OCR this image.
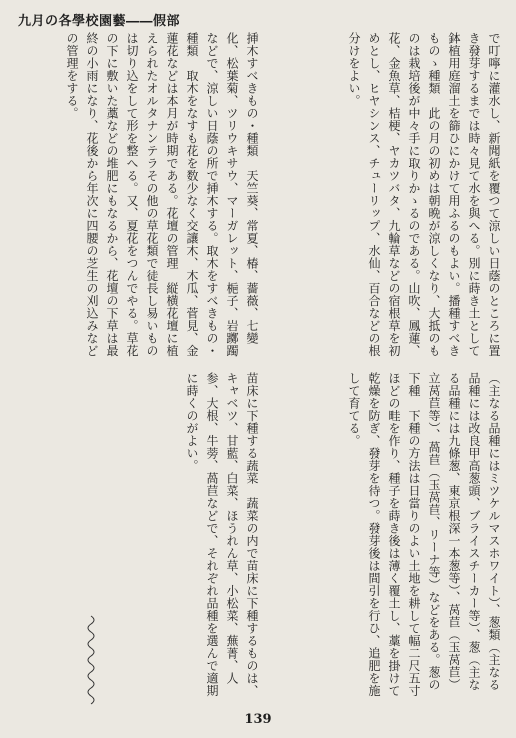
九月の各學校園藝――假部

で叮嚀に灌水し、新聞紙を覆つて涼しい日蔭のところに置き發芽するまでは時々見て水を與へる。別に蒔き土として鉢植用庭溜土を篩ひにかけて用ふるのもよい。播種すべきものゝ種類　此の月の初めは朝晩が涼しくなり、大抵のものは栽培後が中々手に取りかゝるのである。山吹、鳳蓮、花、金魚草、桔梗、ヤカツバタ、九輪草などの宿根草を初めとし、ヒヤシンス、チューリップ、水仙、百合などの根分けをよい。

挿木すべきもの・種類　天竺葵、常夏、椿、薔薇、七變化、松葉菊、ツリウキサウ、マーガレット、梔子、岩躑躅などで、涼しい日蔭の所で挿木する。取木をすべきもの・種類　取木をなすも花を数少なく交讓木、木瓜、菅見、金蓮花などは本月が時期である。花壇の管理　縦横花壇に植えられたオルタナンテラその他の草花類で徒長し易いものは切り込をして形を整へる。又、夏花をつんでやる。草花の下に敷いた藁などの堆肥にもなるから、花壇の下草は最終の小雨になり、花後から年次に四腰の芝生の刈込みなどの管理をする。

（主なる品種にはミツケルマスホワイト）、葱類（主なる品種には改良甲高葱頭、ブライスチーカー等）、葱（主なる品種には九條葱、東京根深一本葱等）、莴苣（玉莴苣）立莴苣等）、萵苣（玉莴苣、リーナ等）などをある。葱の下種　下種の方法は日當りのよい土地を耕して幅二尺五寸ほどの畦を作り、種子を蒔き後は薄く覆土し、藁を掛けて乾燥を防ぎ、發芽を待つ。發芽後は間引を行ひ、追肥を施して育てる。

苗床に下種する蔬菜　蔬菜の内で苗床に下種するものは、キャベツ、甘藍、白菜、ほうれん草、小松菜、蕪菁、人参、大根、牛蒡、萵苣などで、それぞれ品種を選んで適期に蒔くのがよい。

139
